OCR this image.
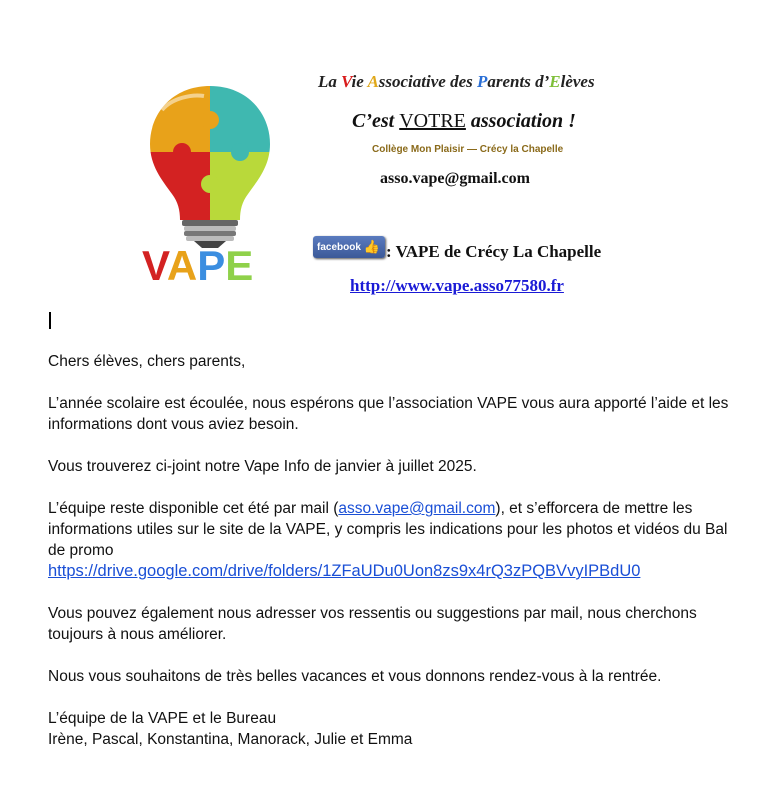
VAPE
La Vie Associative des Parents d’Elèves
C’est VOTRE association !
Collège Mon Plaisir — Crécy la Chapelle
asso.vape@gmail.com
facebook 👍 : VAPE de Crécy La Chapelle
http://www.vape.asso77580.fr

Chers élèves, chers parents,

L’année scolaire est écoulée, nous espérons que l’association VAPE vous aura apporté l’aide et les informations dont vous aviez besoin.

Vous trouverez ci-joint notre Vape Info de janvier à juillet 2025.

L’équipe reste disponible cet été par mail (asso.vape@gmail.com), et s’efforcera de mettre les informations utiles sur le site de la VAPE, y compris les indications pour les photos et vidéos du Bal de promo
https://drive.google.com/drive/folders/1ZFaUDu0Uon8zs9x4rQ3zPQBVvyIPBdU0

Vous pouvez également nous adresser vos ressentis ou suggestions par mail, nous cherchons toujours à nous améliorer.

Nous vous souhaitons de très belles vacances et vous donnons rendez-vous à la rentrée.

L’équipe de la VAPE et le Bureau
Irène, Pascal, Konstantina, Manorack, Julie et Emma
